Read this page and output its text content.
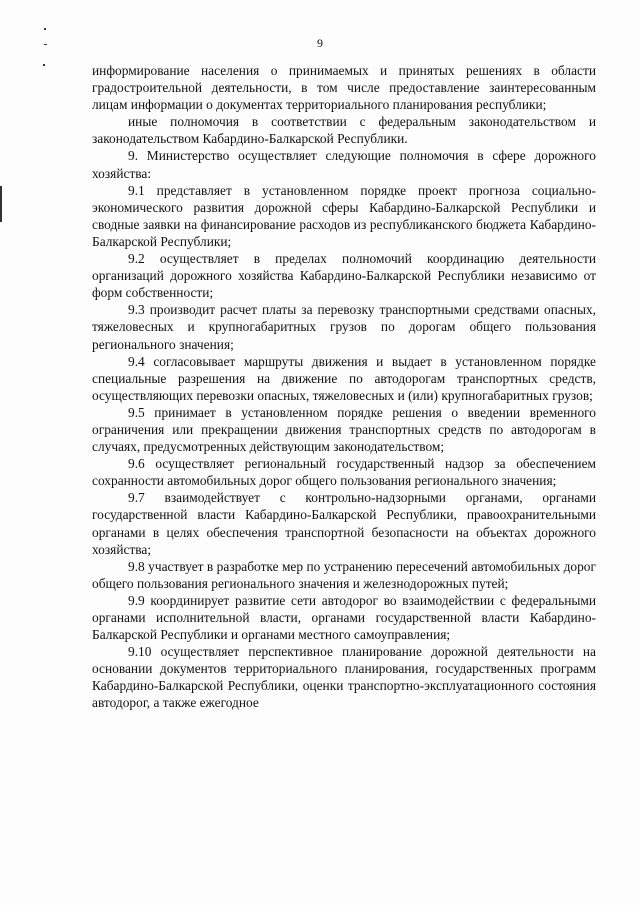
9

информирование населения о принимаемых и принятых решениях в области градостроительной деятельности, в том числе предоставление заинтересованным лицам информации о документах территориального планирования республики;

иные полномочия в соответствии с федеральным законодательством и законодательством Кабардино-Балкарской Республики.

9. Министерство осуществляет следующие полномочия в сфере дорожного хозяйства:

9.1 представляет в установленном порядке проект прогноза социально-экономического развития дорожной сферы Кабардино-Балкарской Республики и сводные заявки на финансирование расходов из республиканского бюджета Кабардино-Балкарской Республики;

9.2 осуществляет в пределах полномочий координацию деятельности организаций дорожного хозяйства Кабардино-Балкарской Республики независимо от форм собственности;

9.3 производит расчет платы за перевозку транспортными средствами опасных, тяжеловесных и крупногабаритных грузов по дорогам общего пользования регионального значения;

9.4 согласовывает маршруты движения и выдает в установленном порядке специальные разрешения на движение по автодорогам транспортных средств, осуществляющих перевозки опасных, тяжеловесных и (или) крупногабаритных грузов;

9.5 принимает в установленном порядке решения о введении временного ограничения или прекращении движения транспортных средств по автодорогам в случаях, предусмотренных действующим законодательством;

9.6 осуществляет региональный государственный надзор за обеспечением сохранности автомобильных дорог общего пользования регионального значения;

9.7 взаимодействует с контрольно-надзорными органами, органами государственной власти Кабардино-Балкарской Республики, правоохранительными органами в целях обеспечения транспортной безопасности на объектах дорожного хозяйства;

9.8 участвует в разработке мер по устранению пересечений автомобильных дорог общего пользования регионального значения и железнодорожных путей;

9.9 координирует развитие сети автодорог во взаимодействии с федеральными органами исполнительной власти, органами государственной власти Кабардино-Балкарской Республики и органами местного самоуправления;

9.10 осуществляет перспективное планирование дорожной деятельности на основании документов территориального планирования, государственных программ Кабардино-Балкарской Республики, оценки транспортно-эксплуатационного состояния автодорог, а также ежегодное
